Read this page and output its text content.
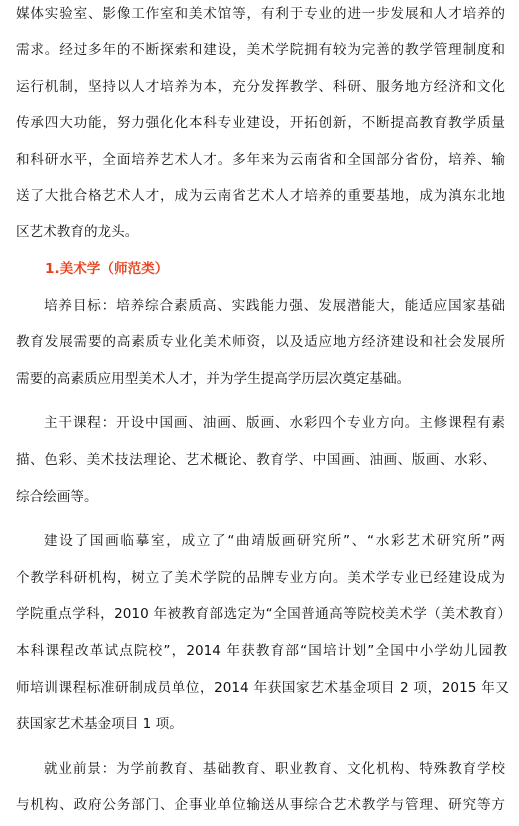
媒体实验室、影像工作室和美术馆等，有利于专业的进一步发展和人才培养的
需求。经过多年的不断探索和建设，美术学院拥有较为完善的教学管理制度和
运行机制，坚持以人才培养为本，充分发挥教学、科研、服务地方经济和文化
传承四大功能，努力强化化本科专业建设，开拓创新，不断提高教育教学质量
和科研水平，全面培养艺术人才。多年来为云南省和全国部分省份，培养、输
送了大批合格艺术人才，成为云南省艺术人才培养的重要基地，成为滇东北地
区艺术教育的龙头。
1.美术学（师范类）
培养目标：培养综合素质高、实践能力强、发展潜能大，能适应国家基础
教育发展需要的高素质专业化美术师资，以及适应地方经济建设和社会发展所
需要的高素质应用型美术人才，并为学生提高学历层次奠定基础。
主干课程：开设中国画、油画、版画、水彩四个专业方向。主修课程有素
描、色彩、美术技法理论、艺术概论、教育学、中国画、油画、版画、水彩、
综合绘画等。
建设了国画临摹室，成立了“曲靖版画研究所”、“水彩艺术研究所”两
个教学科研机构，树立了美术学院的品牌专业方向。美术学专业已经建设成为
学院重点学科，2010 年被教育部选定为“全国普通高等院校美术学（美术教育）
本科课程改革试点院校”，2014 年获教育部“国培计划”全国中小学幼儿园教
师培训课程标准研制成员单位，2014 年获国家艺术基金项目 2 项，2015 年又
获国家艺术基金项目 1 项。
就业前景：为学前教育、基础教育、职业教育、文化机构、特殊教育学校
与机构、政府公务部门、企事业单位输送从事综合艺术教学与管理、研究等方
